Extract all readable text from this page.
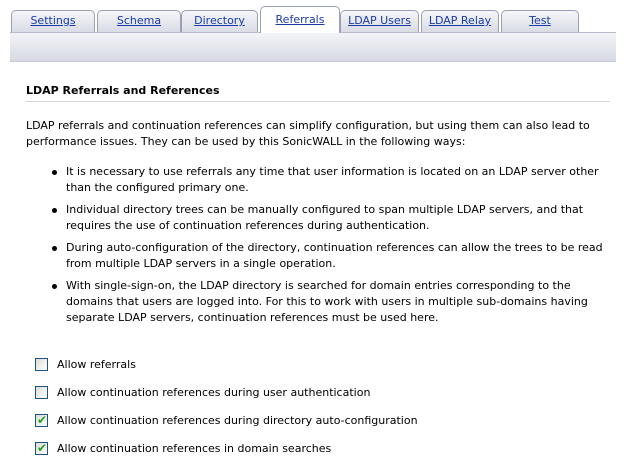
Settings	Schema	Directory	Referrals	LDAP Users	LDAP Relay	Test
LDAP Referrals and References
LDAP referrals and continuation references can simplify configuration, but using them can also lead to performance issues. They can be used by this SonicWALL in the following ways:
It is necessary to use referrals any time that user information is located on an LDAP server other than the configured primary one.
Individual directory trees can be manually configured to span multiple LDAP servers, and that requires the use of continuation references during authentication.
During auto-configuration of the directory, continuation references can allow the trees to be read from multiple LDAP servers in a single operation.
With single-sign-on, the LDAP directory is searched for domain entries corresponding to the domains that users are logged into. For this to work with users in multiple sub-domains having separate LDAP servers, continuation references must be used here.
Allow referrals
Allow continuation references during user authentication
✔ Allow continuation references during directory auto-configuration
✔ Allow continuation references in domain searches
